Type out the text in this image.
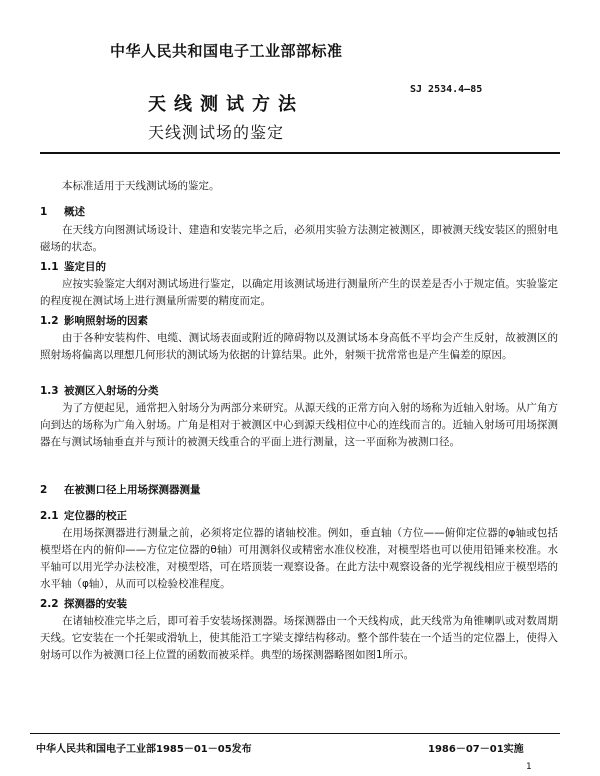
中华人民共和国电子工业部部标准
SJ 2534.4—85
天线测试方法
天线测试场的鉴定
本标准适用于天线测试场的鉴定。
1 概述
在天线方向图测试场设计、建造和安装完毕之后，必须用实验方法测定被测区，即被测天线安装区的照射电磁场的状态。
1.1 鉴定目的
应按实验鉴定大纲对测试场进行鉴定，以确定用该测试场进行测量所产生的误差是否小于规定值。实验鉴定的程度视在测试场上进行测量所需要的精度而定。
1.2 影响照射场的因素
由于各种安装构件、电缆、测试场表面或附近的障碍物以及测试场本身高低不平均会产生反射，故被测区的照射场将偏离以理想几何形状的测试场为依据的计算结果。此外，射频干扰常常也是产生偏差的原因。
1.3 被测区入射场的分类
为了方便起见，通常把入射场分为两部分来研究。从源天线的正常方向入射的场称为近轴入射场。从广角方向到达的场称为广角入射场。广角是相对于被测区中心到源天线相位中心的连线而言的。近轴入射场可用场探测器在与测试场轴垂直并与预计的被测天线重合的平面上进行测量，这一平面称为被测口径。
2 在被测口径上用场探测器测量
2.1 定位器的校正
在用场探测器进行测量之前，必须将定位器的诸轴校准。例如，垂直轴（方位——俯仰定位器的φ轴或包括模型塔在内的俯仰——方位定位器的θ轴）可用测斜仪或精密水准仪校准，对模型塔也可以使用铅锤来校准。水平轴可以用光学办法校准，对模型塔，可在塔顶装一观察设备。在此方法中观察设备的光学视线相应于模型塔的水平轴（φ轴），从而可以检验校准程度。
2.2 探测器的安装
在诸轴校准完毕之后，即可着手安装场探测器。场探测器由一个天线构成，此天线常为角锥喇叭或对数周期天线。它安装在一个托架或滑轨上，使其能沿工字梁支撑结构移动。整个部件装在一个适当的定位器上，使得入射场可以作为被测口径上位置的函数而被采样。典型的场探测器略图如图1所示。
中华人民共和国电子工业部1985－01－05发布	1986－07－01实施
1
